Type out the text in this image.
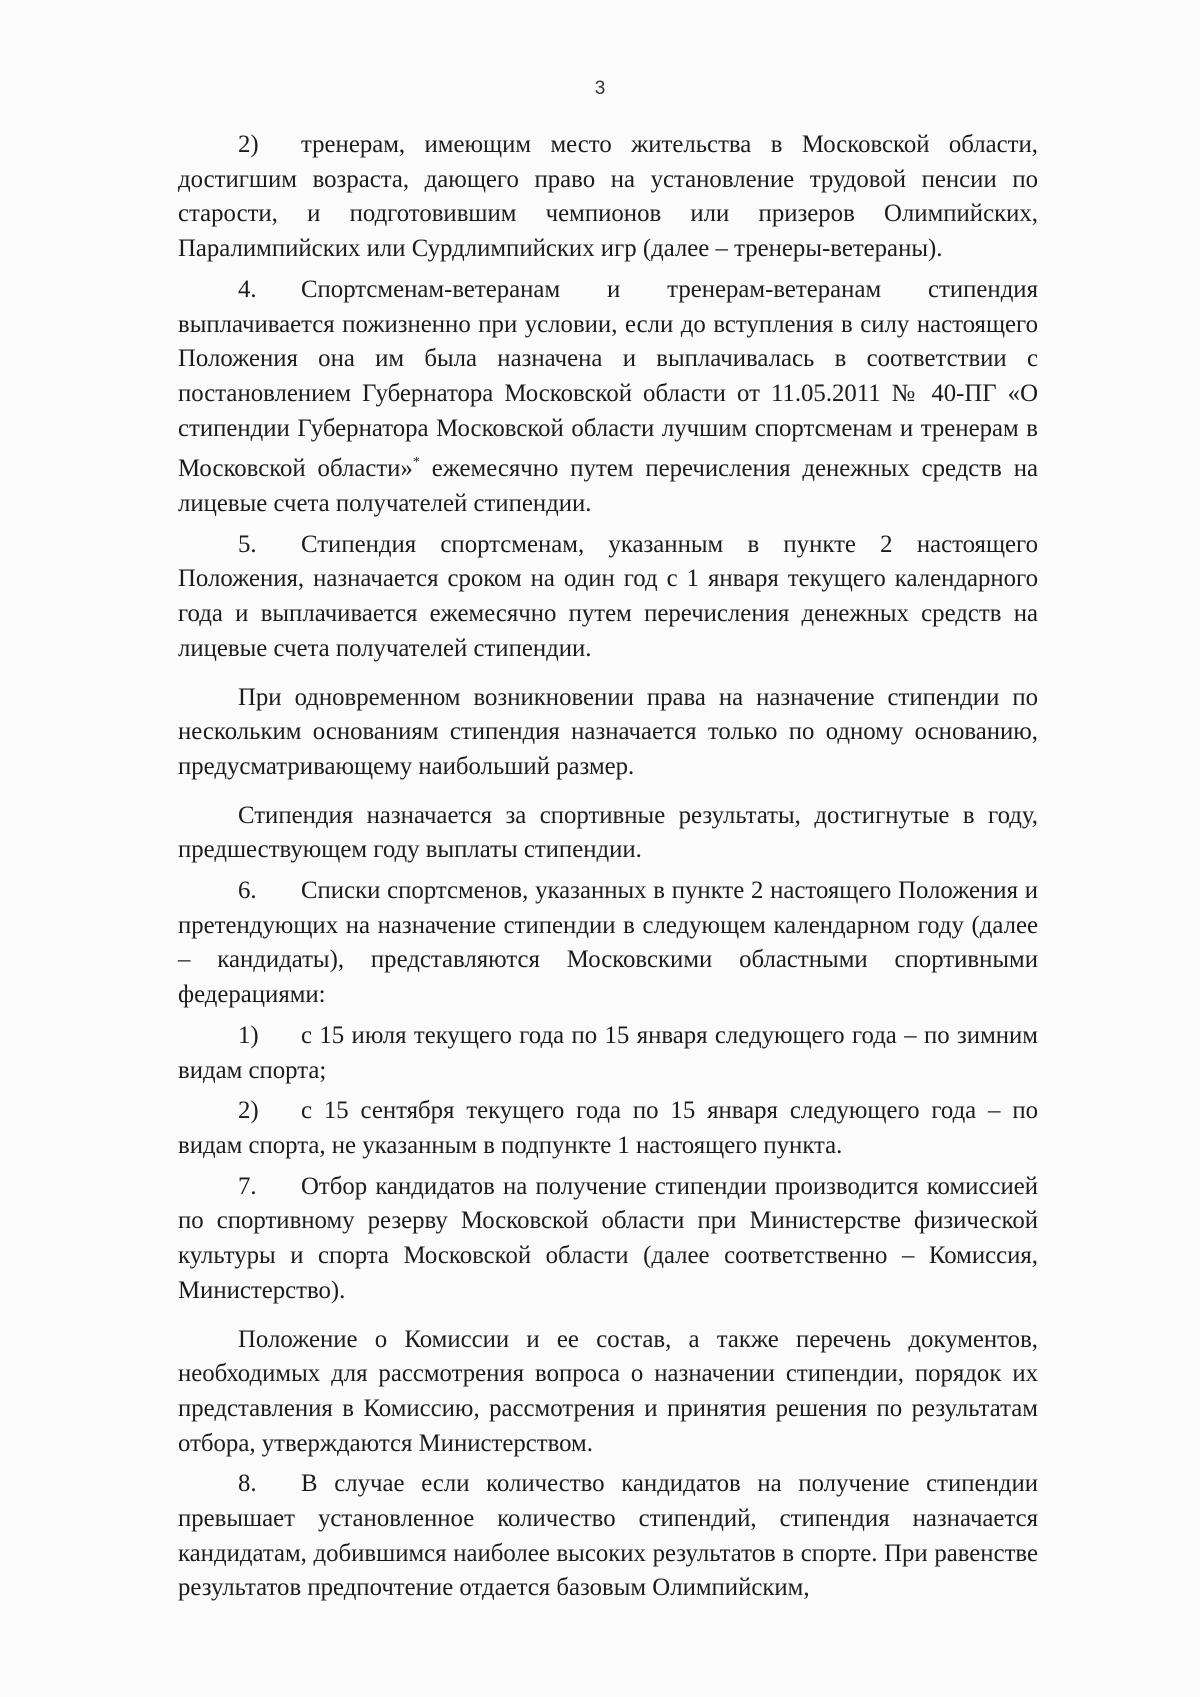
3

2) тренерам, имеющим место жительства в Московской области, достигшим возраста, дающего право на установление трудовой пенсии по старости, и подготовившим чемпионов или призеров Олимпийских, Паралимпийских или Сурдлимпийских игр (далее – тренеры-ветераны).

4. Спортсменам-ветеранам и тренерам-ветеранам стипендия выплачивается пожизненно при условии, если до вступления в силу настоящего Положения она им была назначена и выплачивалась в соответствии с постановлением Губернатора Московской области от 11.05.2011 № 40-ПГ «О стипендии Губернатора Московской области лучшим спортсменам и тренерам в Московской области»* ежемесячно путем перечисления денежных средств на лицевые счета получателей стипендии.

5. Стипендия спортсменам, указанным в пункте 2 настоящего Положения, назначается сроком на один год с 1 января текущего календарного года и выплачивается ежемесячно путем перечисления денежных средств на лицевые счета получателей стипендии.

При одновременном возникновении права на назначение стипендии по нескольким основаниям стипендия назначается только по одному основанию, предусматривающему наибольший размер.

Стипендия назначается за спортивные результаты, достигнутые в году, предшествующем году выплаты стипендии.

6. Списки спортсменов, указанных в пункте 2 настоящего Положения и претендующих на назначение стипендии в следующем календарном году (далее – кандидаты), представляются Московскими областными спортивными федерациями:

1) с 15 июля текущего года по 15 января следующего года – по зимним видам спорта;

2) с 15 сентября текущего года по 15 января следующего года – по видам спорта, не указанным в подпункте 1 настоящего пункта.

7. Отбор кандидатов на получение стипендии производится комиссией по спортивному резерву Московской области при Министерстве физической культуры и спорта Московской области (далее соответственно – Комиссия, Министерство).

Положение о Комиссии и ее состав, а также перечень документов, необходимых для рассмотрения вопроса о назначении стипендии, порядок их представления в Комиссию, рассмотрения и принятия решения по результатам отбора, утверждаются Министерством.

8. В случае если количество кандидатов на получение стипендии превышает установленное количество стипендий, стипендия назначается кандидатам, добившимся наиболее высоких результатов в спорте. При равенстве результатов предпочтение отдается базовым Олимпийским,
